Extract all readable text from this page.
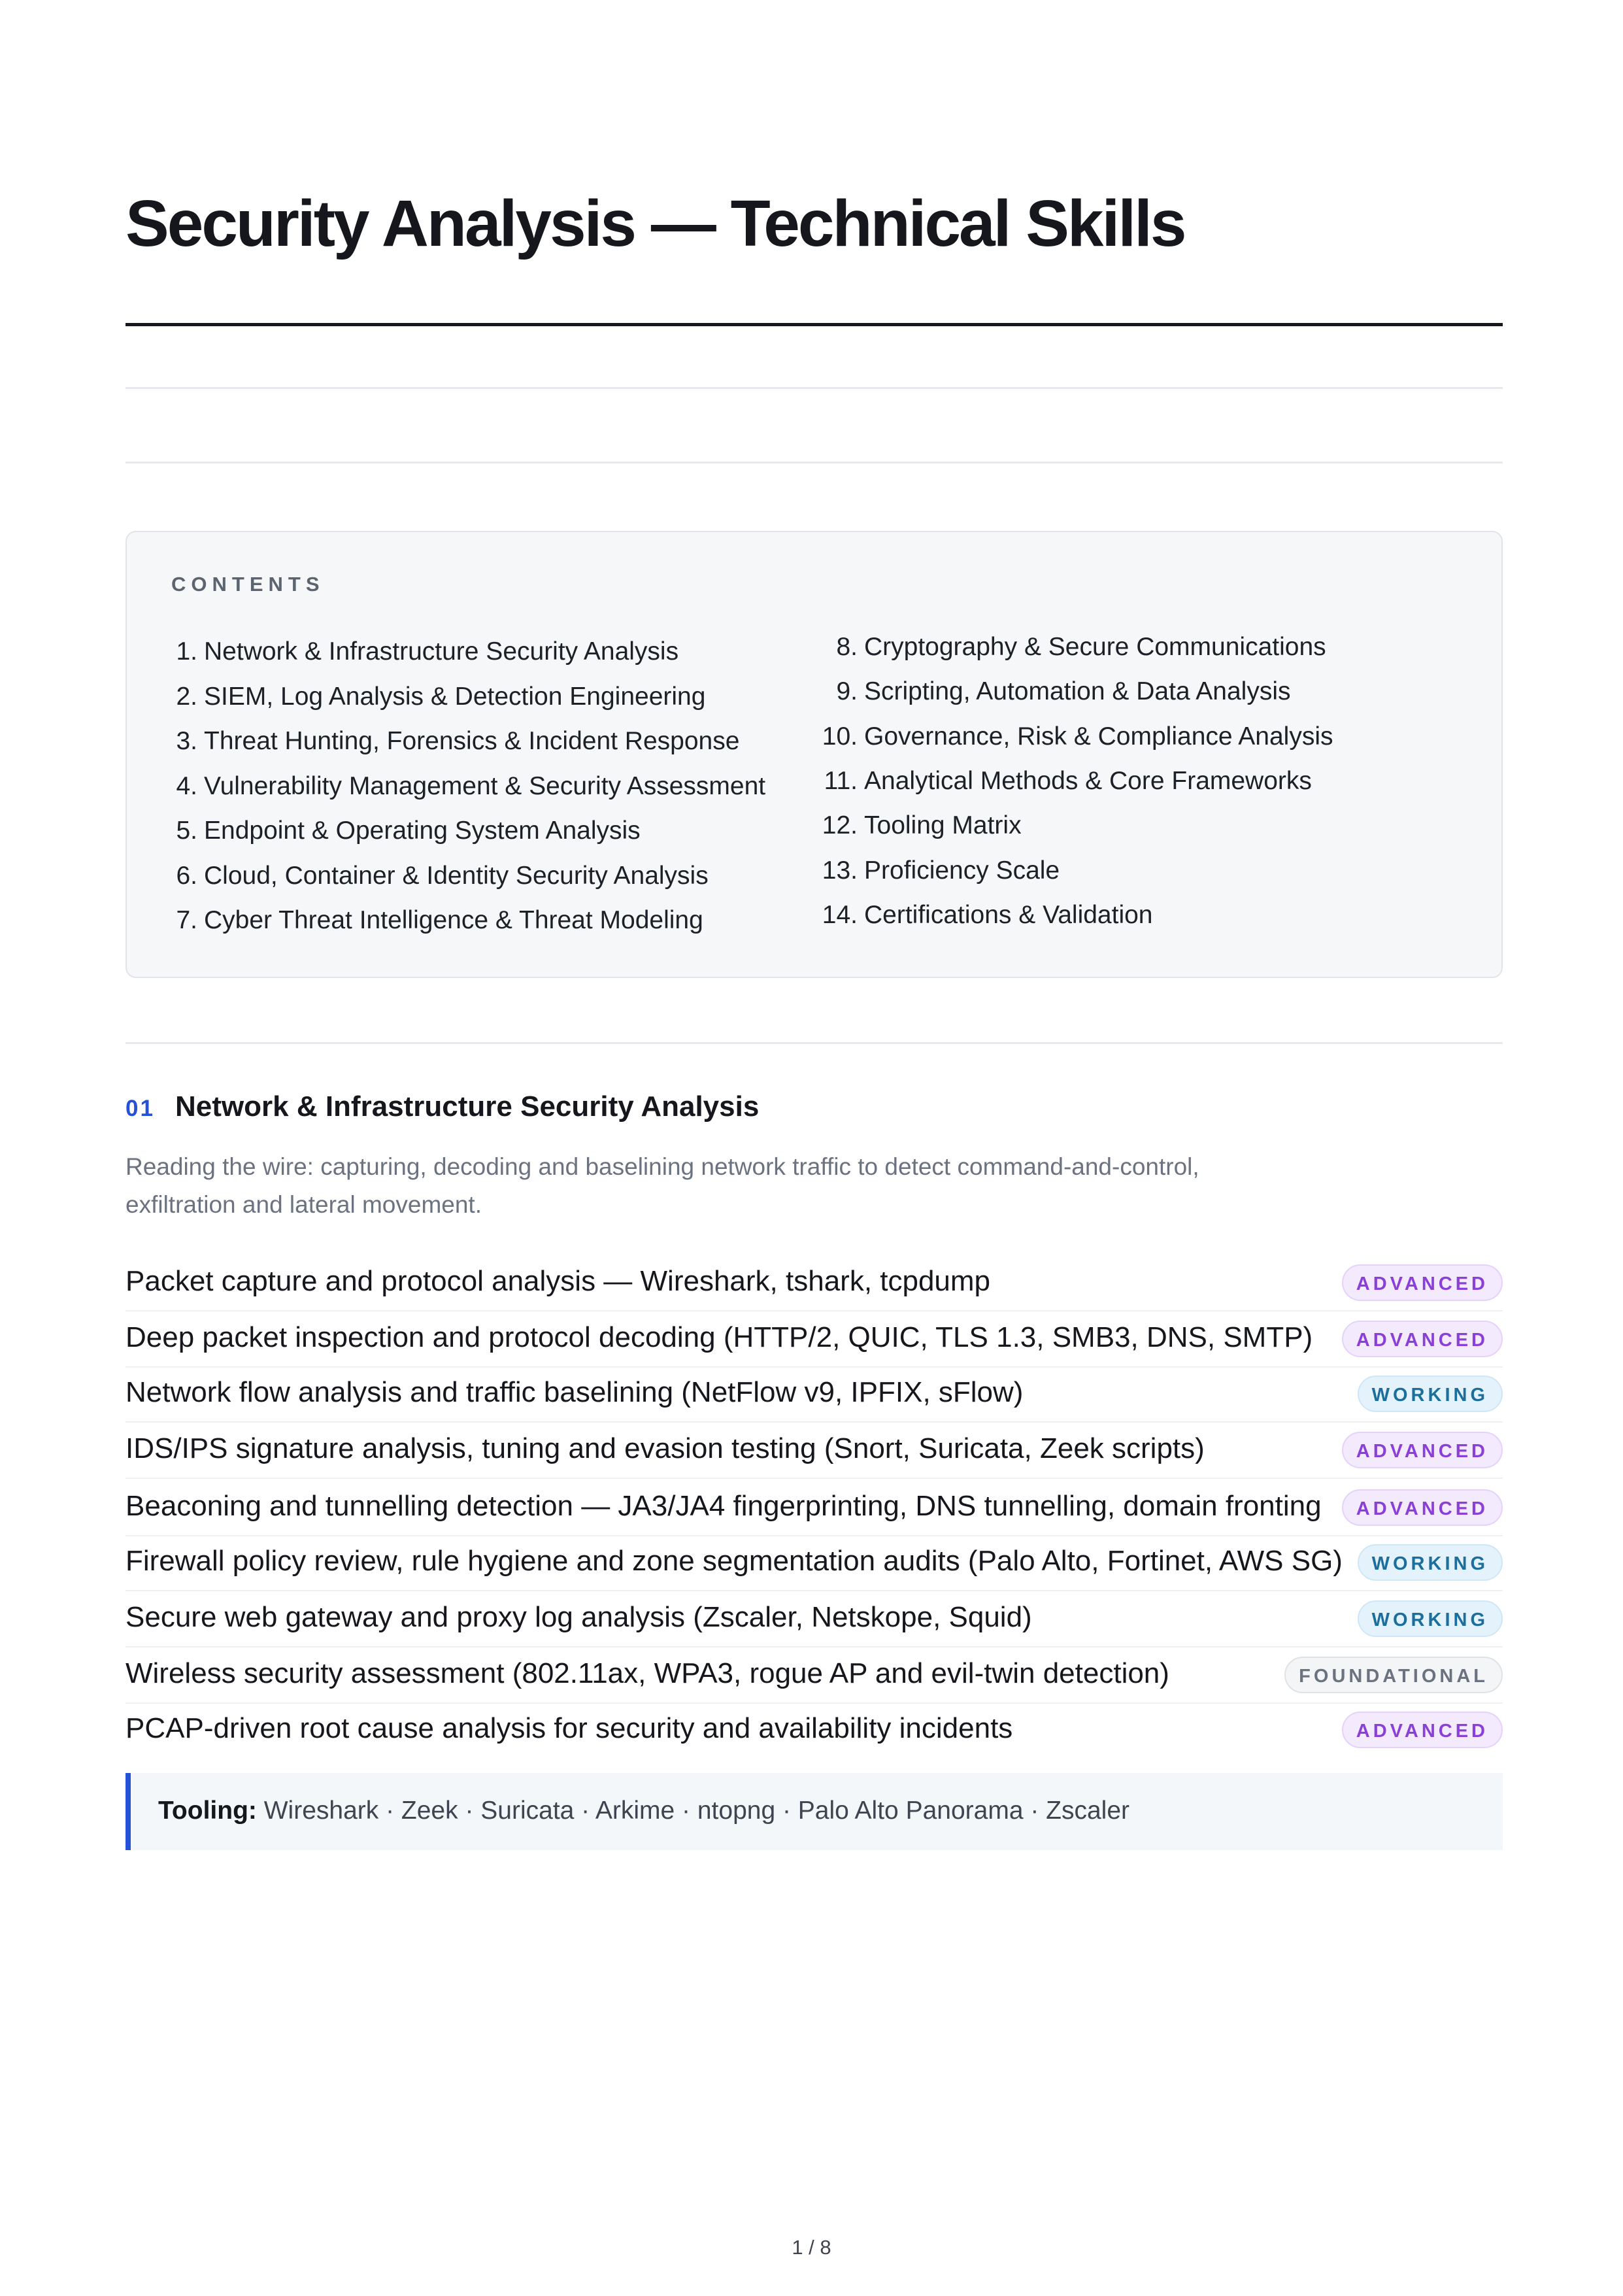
Security Analysis — Technical Skills
CONTENTS
1. Network & Infrastructure Security Analysis
2. SIEM, Log Analysis & Detection Engineering
3. Threat Hunting, Forensics & Incident Response
4. Vulnerability Management & Security Assessment
5. Endpoint & Operating System Analysis
6. Cloud, Container & Identity Security Analysis
7. Cyber Threat Intelligence & Threat Modeling
8. Cryptography & Secure Communications
9. Scripting, Automation & Data Analysis
10. Governance, Risk & Compliance Analysis
11. Analytical Methods & Core Frameworks
12. Tooling Matrix
13. Proficiency Scale
14. Certifications & Validation
01 Network & Infrastructure Security Analysis

Reading the wire: capturing, decoding and baselining network traffic to detect command-and-control, exfiltration and lateral movement.

Packet capture and protocol analysis — Wireshark, tshark, tcpdump	ADVANCED
Deep packet inspection and protocol decoding (HTTP/2, QUIC, TLS 1.3, SMB3, DNS, SMTP)	ADVANCED
Network flow analysis and traffic baselining (NetFlow v9, IPFIX, sFlow)	WORKING
IDS/IPS signature analysis, tuning and evasion testing (Snort, Suricata, Zeek scripts)	ADVANCED
Beaconing and tunnelling detection — JA3/JA4 fingerprinting, DNS tunnelling, domain fronting	ADVANCED
Firewall policy review, rule hygiene and zone segmentation audits (Palo Alto, Fortinet, AWS SG)	WORKING
Secure web gateway and proxy log analysis (Zscaler, Netskope, Squid)	WORKING
Wireless security assessment (802.11ax, WPA3, rogue AP and evil-twin detection)	FOUNDATIONAL
PCAP-driven root cause analysis for security and availability incidents	ADVANCED
Tooling: Wireshark · Zeek · Suricata · Arkime · ntopng · Palo Alto Panorama · Zscaler
1 / 8
